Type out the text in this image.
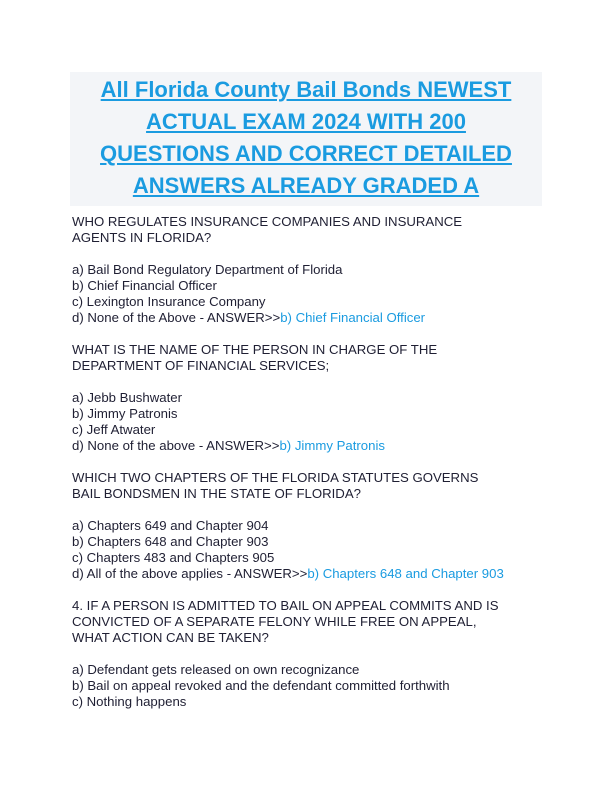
All Florida County Bail Bonds NEWEST
ACTUAL EXAM 2024 WITH 200
QUESTIONS AND CORRECT DETAILED
ANSWERS ALREADY GRADED A
WHO REGULATES INSURANCE COMPANIES AND INSURANCE
AGENTS IN FLORIDA?
a) Bail Bond Regulatory Department of Florida
b) Chief Financial Officer
c) Lexington Insurance Company
d) None of the Above - ANSWER>>b) Chief Financial Officer
WHAT IS THE NAME OF THE PERSON IN CHARGE OF THE
DEPARTMENT OF FINANCIAL SERVICES;
a) Jebb Bushwater
b) Jimmy Patronis
c) Jeff Atwater
d) None of the above - ANSWER>>b) Jimmy Patronis
WHICH TWO CHAPTERS OF THE FLORIDA STATUTES GOVERNS
BAIL BONDSMEN IN THE STATE OF FLORIDA?
a) Chapters 649 and Chapter 904
b) Chapters 648 and Chapter 903
c) Chapters 483 and Chapters 905
d) All of the above applies - ANSWER>>b) Chapters 648 and Chapter 903
4. IF A PERSON IS ADMITTED TO BAIL ON APPEAL COMMITS AND IS
CONVICTED OF A SEPARATE FELONY WHILE FREE ON APPEAL,
WHAT ACTION CAN BE TAKEN?
a) Defendant gets released on own recognizance
b) Bail on appeal revoked and the defendant committed forthwith
c) Nothing happens
